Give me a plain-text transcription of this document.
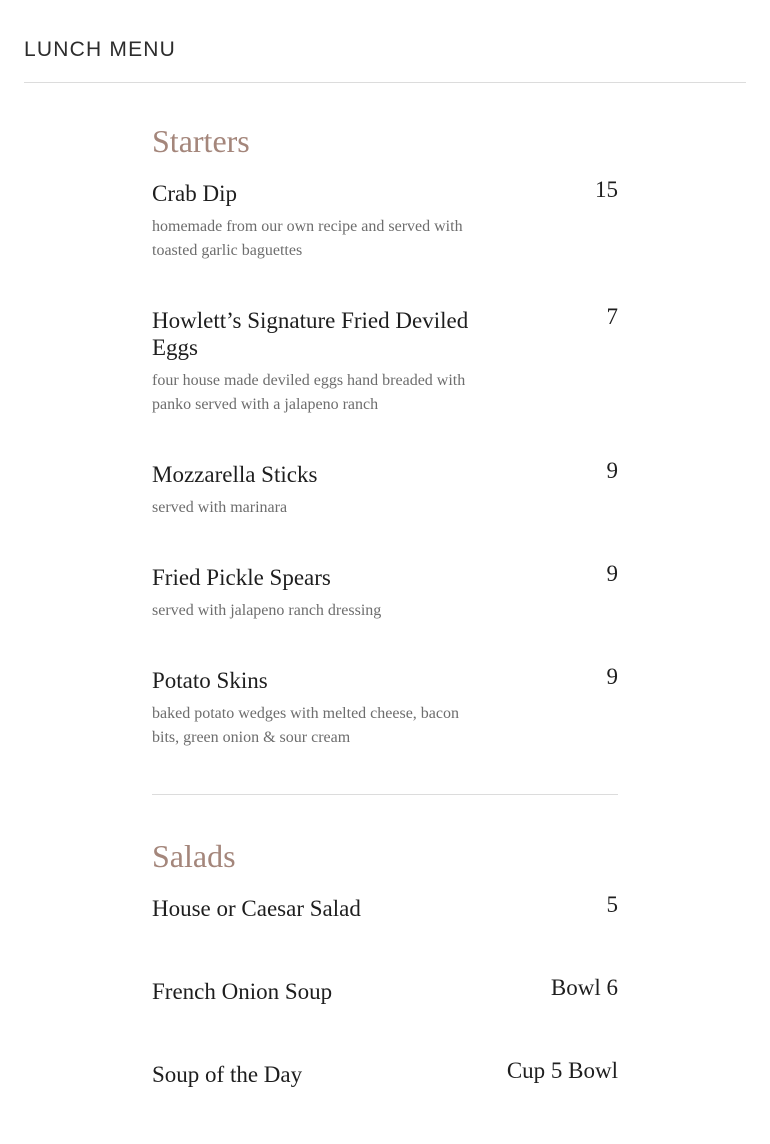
LUNCH MENU
Starters
Crab Dip

homemade from our own recipe and served with toasted garlic baguettes

15
Howlett’s Signature Fried Deviled Eggs

four house made deviled eggs hand breaded with panko served with a jalapeno ranch

7
Mozzarella Sticks

served with marinara

9
Fried Pickle Spears

served with jalapeno ranch dressing

9
Potato Skins

baked potato wedges with melted cheese, bacon bits, green onion & sour cream

9
Salads
House or Caesar Salad	5
French Onion Soup	Bowl 6
Soup of the Day	Cup 5 Bowl
